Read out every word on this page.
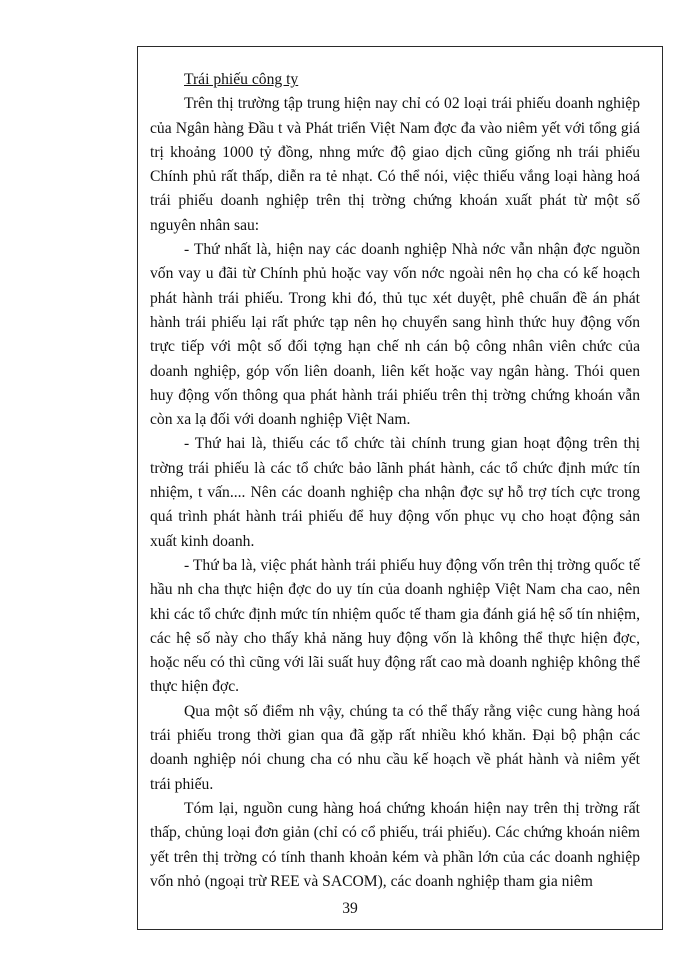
Trái phiếu công ty

Trên thị trường tập trung hiện nay chỉ có 02 loại trái phiếu doanh nghiệp của Ngân hàng Đầu t và Phát triển Việt Nam đợc đa vào niêm yết với tổng giá trị khoảng 1000 tỷ đồng, nhng mức độ giao dịch cũng giống nh trái phiếu Chính phủ rất thấp, diễn ra tẻ nhạt. Có thể nói, việc thiếu vắng loại hàng hoá trái phiếu doanh nghiệp trên thị trờng chứng khoán xuất phát từ một số nguyên nhân sau:

- Thứ nhất là, hiện nay các doanh nghiệp Nhà nớc vẫn nhận đợc nguồn vốn vay u đãi từ Chính phủ hoặc vay vốn nớc ngoài nên họ cha có kế hoạch phát hành trái phiếu. Trong khi đó, thủ tục xét duyệt, phê chuẩn đề án phát hành trái phiếu lại rất phức tạp nên họ chuyển sang hình thức huy động vốn trực tiếp với một số đối tợng hạn chế nh cán bộ công nhân viên chức của doanh nghiệp, góp vốn liên doanh, liên kết hoặc vay ngân hàng. Thói quen huy động vốn thông qua phát hành trái phiếu trên thị trờng chứng khoán vẫn còn xa lạ đối với doanh nghiệp Việt Nam.

- Thứ hai là, thiếu các tổ chức tài chính trung gian hoạt động trên thị trờng trái phiếu là các tổ chức bảo lãnh phát hành, các tổ chức định mức tín nhiệm, t vấn.... Nên các doanh nghiệp cha nhận đợc sự hỗ trợ tích cực trong quá trình phát hành trái phiếu để huy động vốn phục vụ cho hoạt động sản xuất kinh doanh.

- Thứ ba là, việc phát hành trái phiếu huy động vốn trên thị trờng quốc tế hầu nh cha thực hiện đợc do uy tín của doanh nghiệp Việt Nam cha cao, nên khi các tổ chức định mức tín nhiệm quốc tế tham gia đánh giá hệ số tín nhiệm, các hệ số này cho thấy khả năng huy động vốn là không thể thực hiện đợc, hoặc nếu có thì cũng với lãi suất huy động rất cao mà doanh nghiệp không thể thực hiện đợc.

Qua một số điểm nh vậy, chúng ta có thể thấy rằng việc cung hàng hoá trái phiếu trong thời gian qua đã gặp rất nhiều khó khăn. Đại bộ phận các doanh nghiệp nói chung cha có nhu cầu kế hoạch về phát hành và niêm yết trái phiếu.

Tóm lại, nguồn cung hàng hoá chứng khoán hiện nay trên thị trờng rất thấp, chủng loại đơn giản (chỉ có cổ phiếu, trái phiếu). Các chứng khoán niêm yết trên thị trờng có tính thanh khoản kém và phần lớn của các doanh nghiệp vốn nhỏ (ngoại trừ REE và SACOM), các doanh nghiệp tham gia niêm

39
